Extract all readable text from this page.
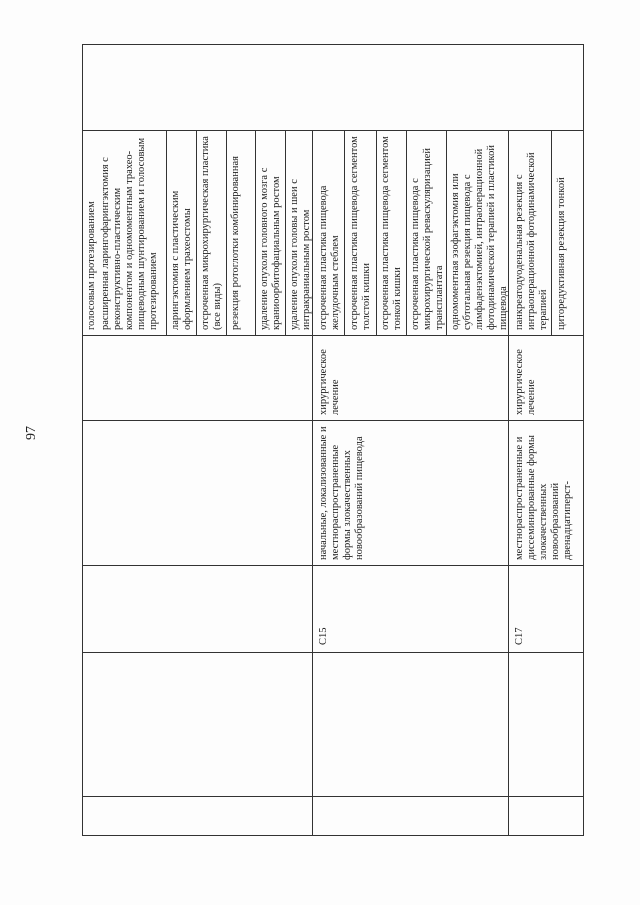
97
голосовым протезированием расширенная ларингофарингэктомия с реконструктивно-пластическим компонентом и одномоментным трахео-пищеводным шунтированием и голосовым протезированием ларингэктомия с пластическим оформлением трахеостомы отсроченная микрохирургическая пластика (все виды) резекция ротоглотки комбинированная удаление опухоли головного мозга с краниоорбитофациальным ростом удаление опухоли головы и шеи с интракраниальным ростом
C15
начальные, локализованные и местнораспространенные формы злокачественных новообразований пищевода
хирургическое лечение
отсроченная пластика пищевода желудочным стеблем отсроченная пластика пищевода сегментом толстой кишки отсроченная пластика пищевода сегментом тонкой кишки отсроченная пластика пищевода с микрохирургической реваскуляризацией трансплантата одномоментная эзофагэктомия или субтотальная резекция пищевода с лимфаденэктомией, интраоперационной фотодинамической терапией и пластикой пищевода
C17
местнораспространенные и диссеминированные формы злокачественных новообразований двенадцатиперст-
хирургическое лечение
панкреатодуоденальная резекция с интраоперационной фотодинамической терапией цитoредуктивная резекция тонкой
